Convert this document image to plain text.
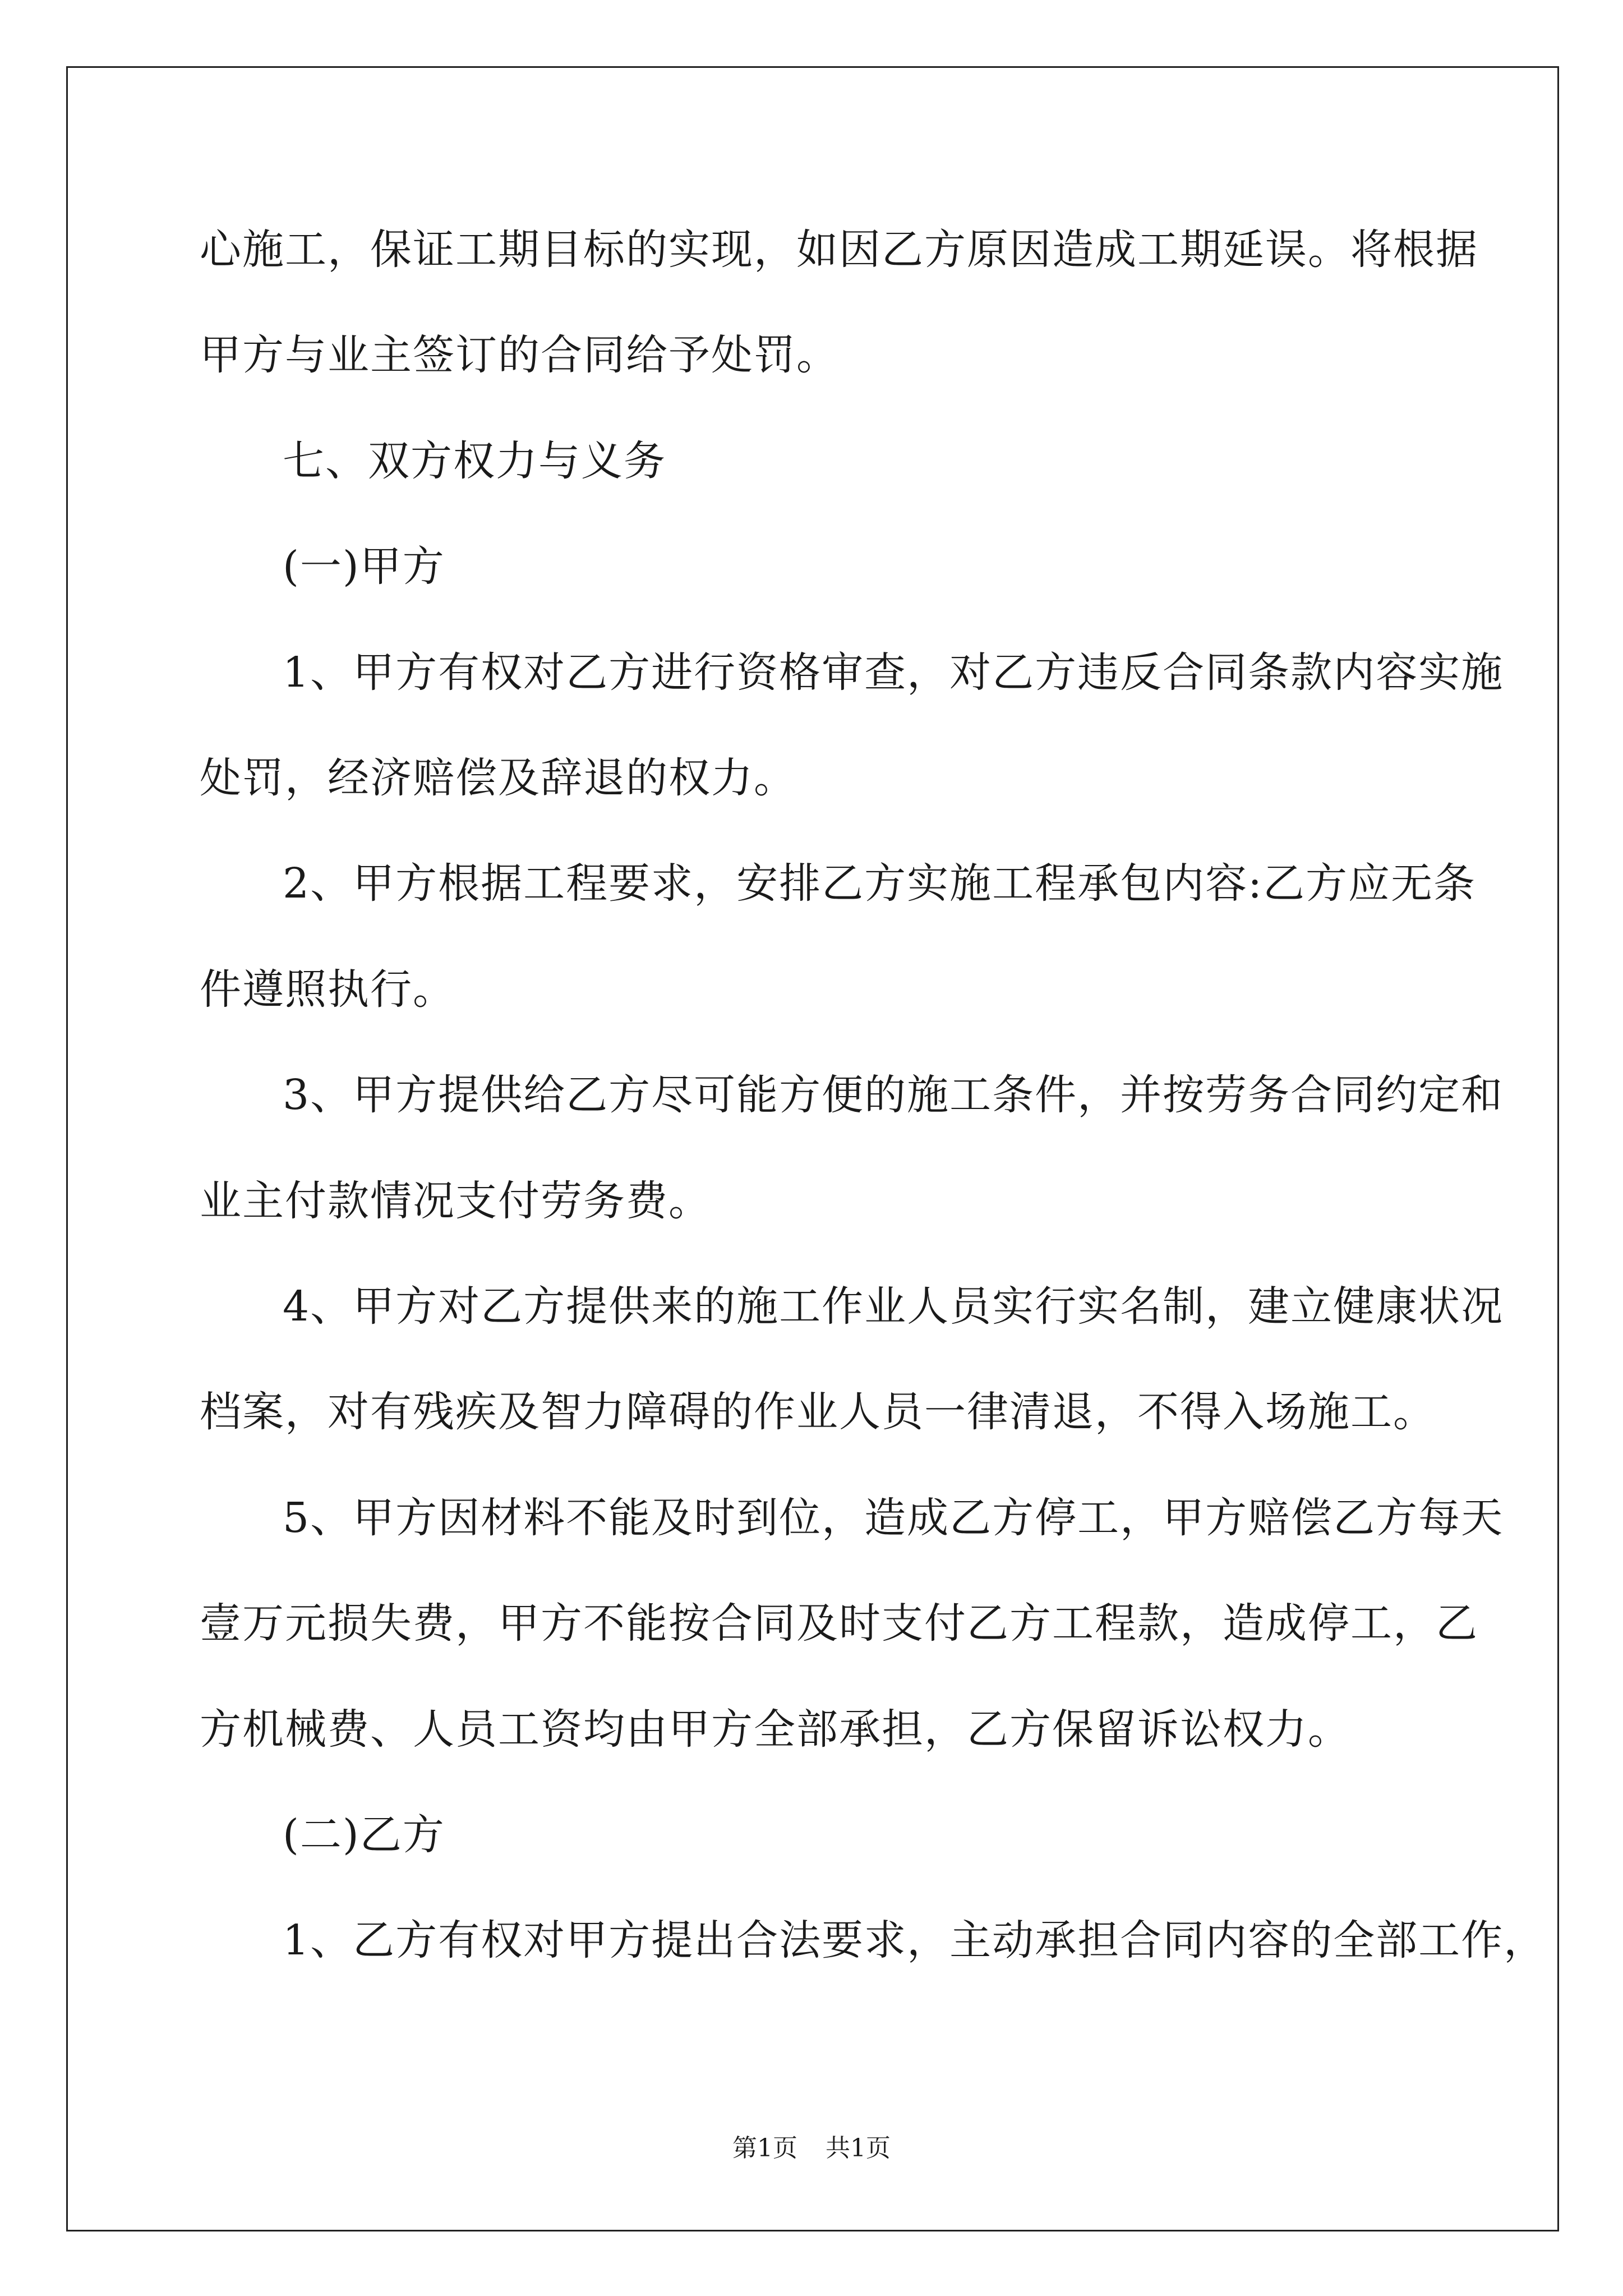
心施工，保证工期目标的实现，如因乙方原因造成工期延误。将根据
甲方与业主签订的合同给予处罚。
七、双方权力与义务
(一)甲方
1、甲方有权对乙方进行资格审查，对乙方违反合同条款内容实施
处罚，经济赔偿及辞退的权力。
2、甲方根据工程要求，安排乙方实施工程承包内容:乙方应无条
件遵照执行。
3、甲方提供给乙方尽可能方便的施工条件，并按劳务合同约定和
业主付款情况支付劳务费。
4、甲方对乙方提供来的施工作业人员实行实名制，建立健康状况
档案，对有残疾及智力障碍的作业人员一律清退，不得入场施工。
5、甲方因材料不能及时到位，造成乙方停工，甲方赔偿乙方每天
壹万元损失费，甲方不能按合同及时支付乙方工程款，造成停工，乙
方机械费、人员工资均由甲方全部承担，乙方保留诉讼权力。
(二)乙方
1、乙方有权对甲方提出合法要求，主动承担合同内容的全部工作，
第1页 共1页
